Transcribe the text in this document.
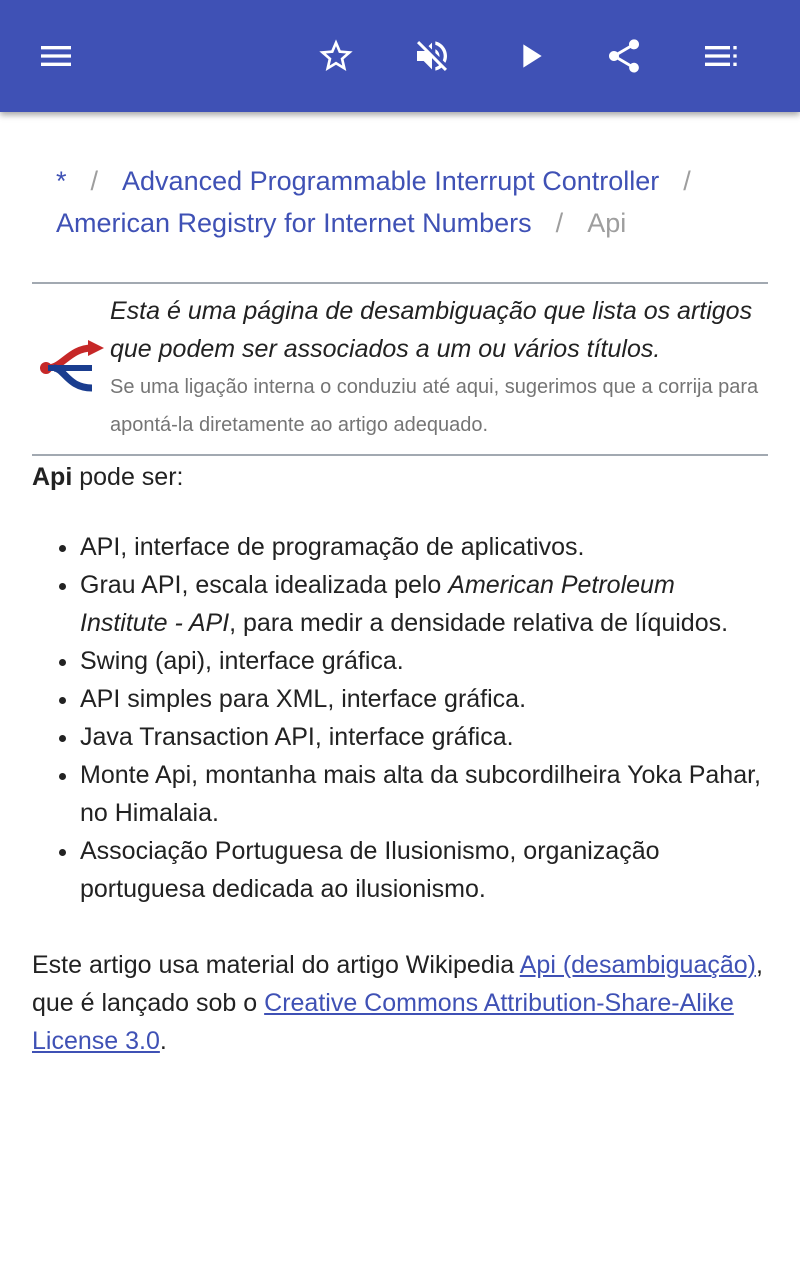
* / Advanced Programmable Interrupt Controller /
American Registry for Internet Numbers / Api
Esta é uma página de desambiguação que lista os artigos que podem ser associados a um ou vários títulos.
Se uma ligação interna o conduziu até aqui, sugerimos que a corrija para apontá-la diretamente ao artigo adequado.

Api pode ser:

• API, interface de programação de aplicativos.
• Grau API, escala idealizada pelo American Petroleum Institute - API, para medir a densidade relativa de líquidos.
• Swing (api), interface gráfica.
• API simples para XML, interface gráfica.
• Java Transaction API, interface gráfica.
• Monte Api, montanha mais alta da subcordilheira Yoka Pahar, no Himalaia.
• Associação Portuguesa de Ilusionismo, organização portuguesa dedicada ao ilusionismo.

Este artigo usa material do artigo Wikipedia Api (desambiguação), que é lançado sob o Creative Commons Attribution-Share-Alike License 3.0.
